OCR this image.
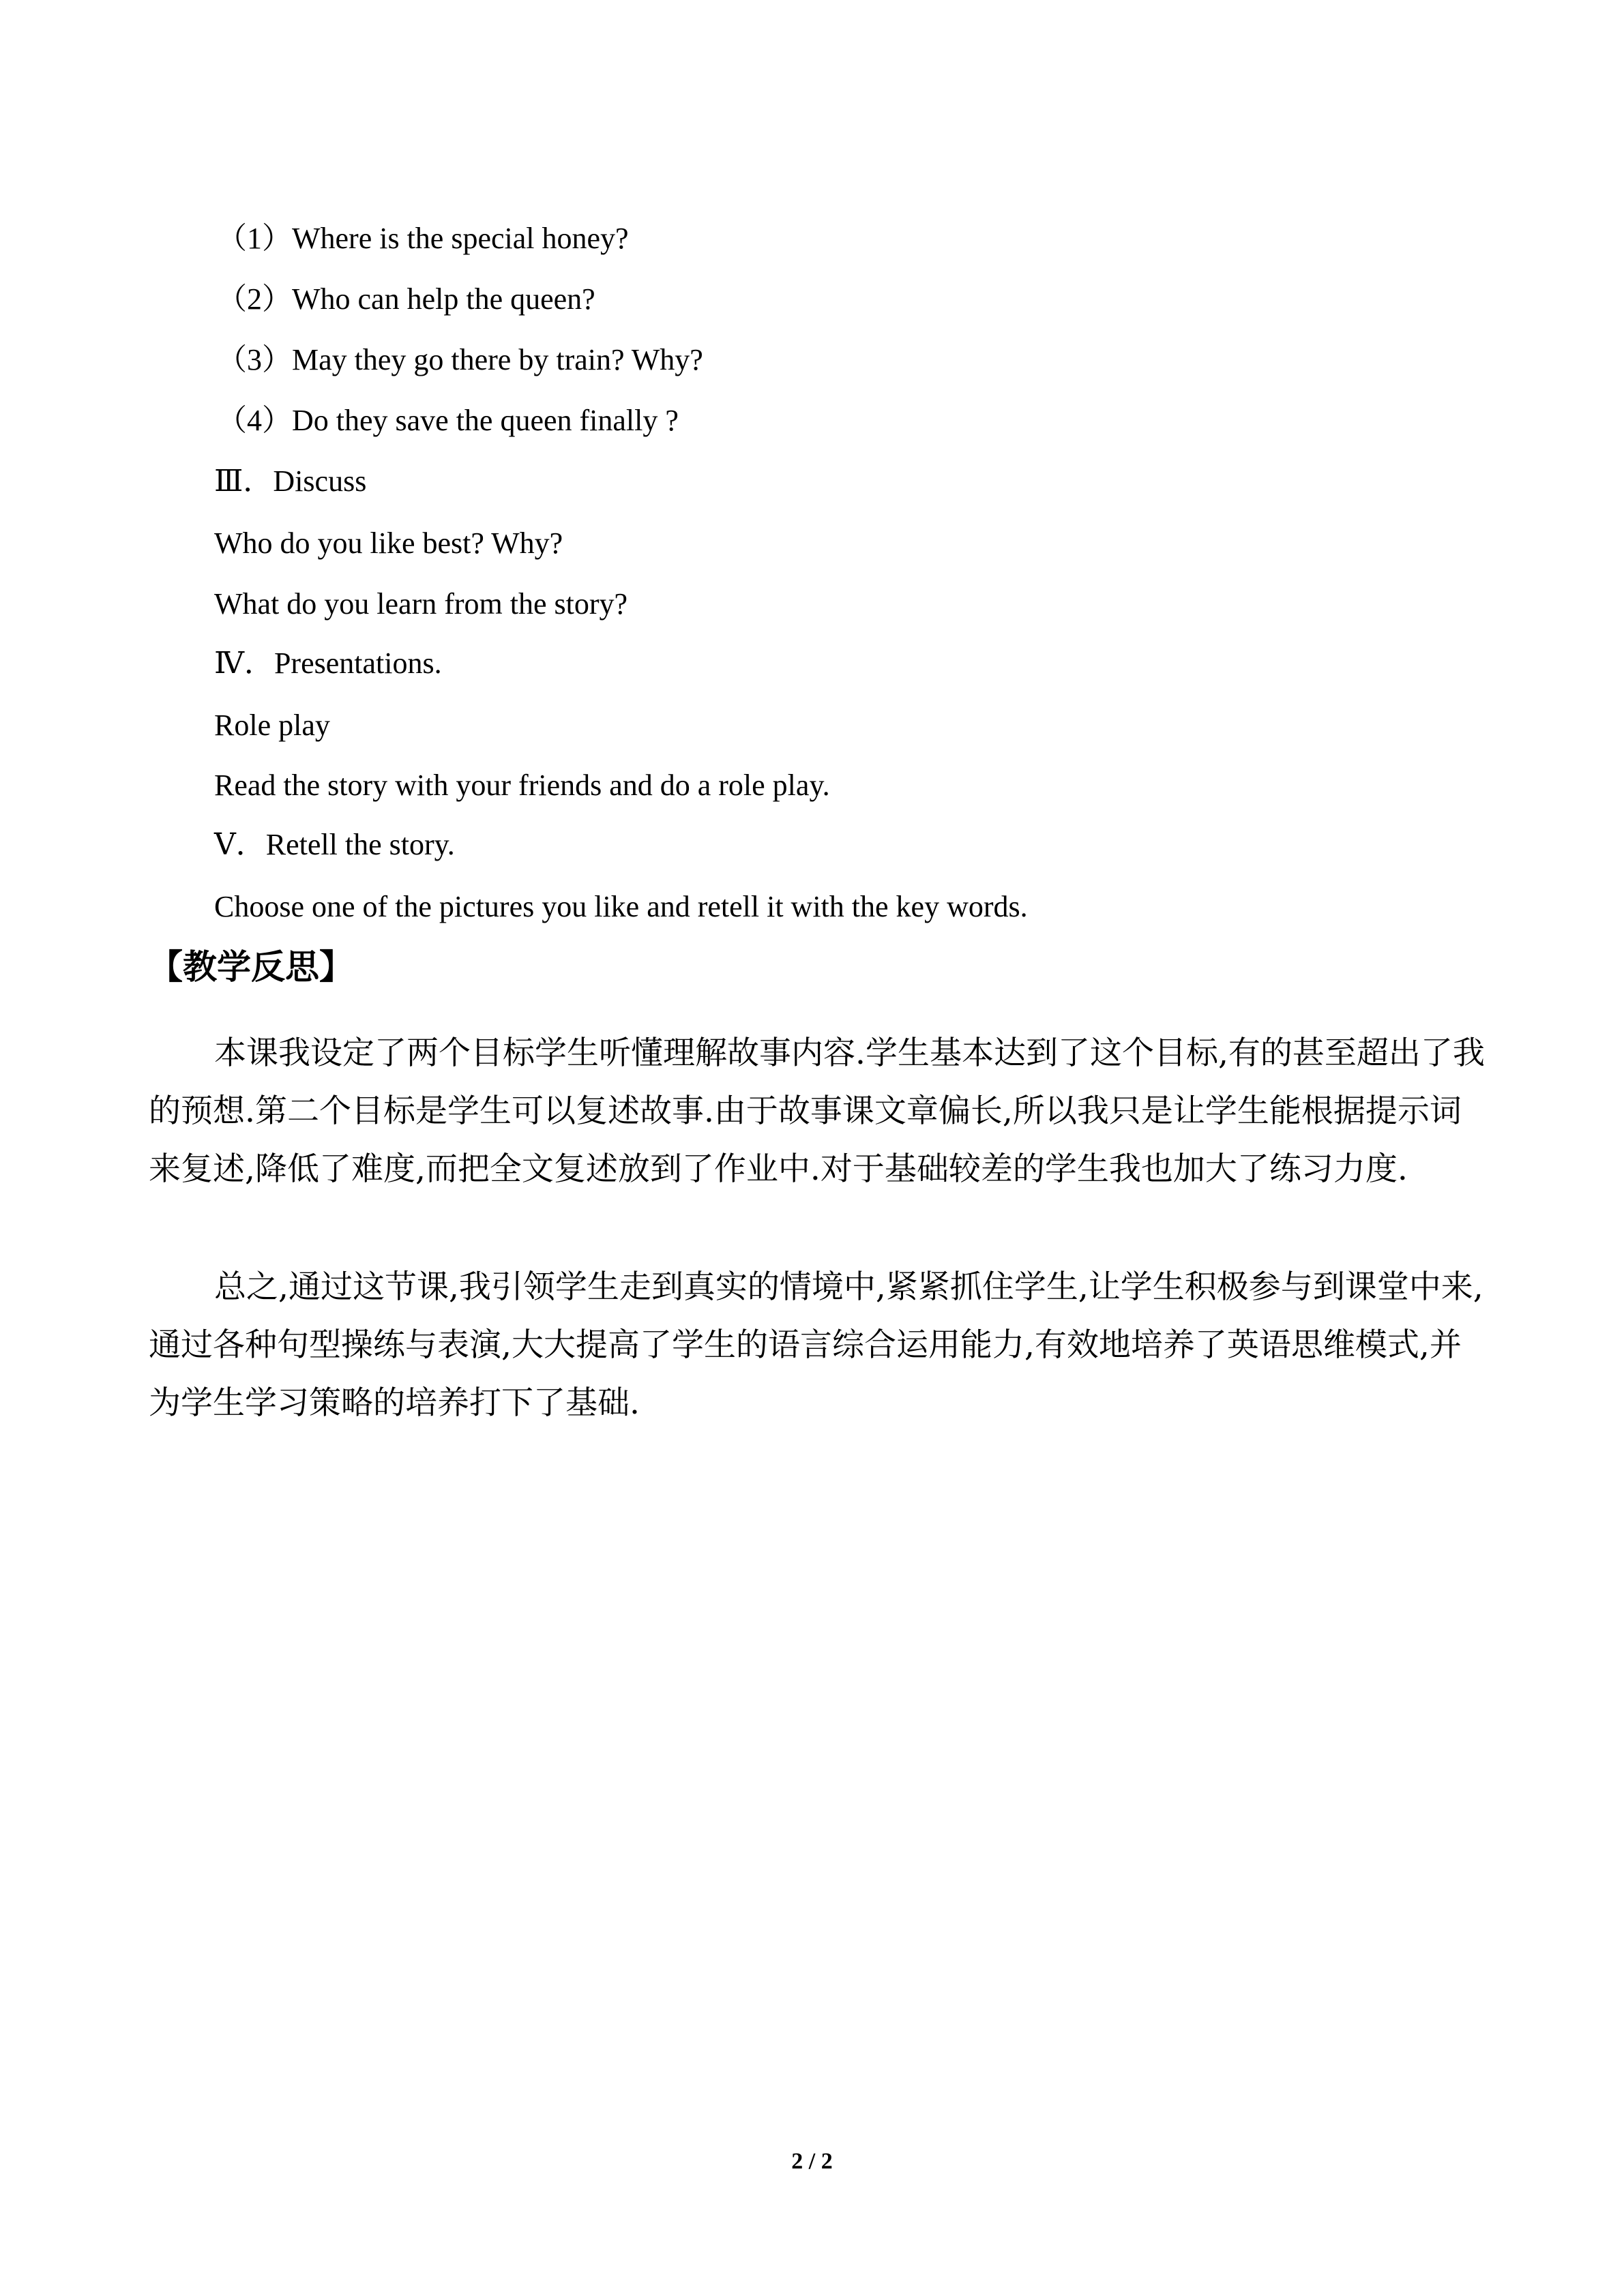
（1）Where is the special honey?
（2）Who can help the queen?
（3）May they go there by train? Why?
（4）Do they save the queen finally ?
Ⅲ．Discuss
Who do you like best? Why?
What do you learn from the story?
Ⅳ．Presentations.
Role play
Read the story with your friends and do a role play.
Ⅴ．Retell the story.
Choose one of the pictures you like and retell it with the key words.
【教学反思】

本课我设定了两个目标学生听懂理解故事内容.学生基本达到了这个目标,有的甚至超出了我的预想.第二个目标是学生可以复述故事.由于故事课文章偏长,所以我只是让学生能根据提示词来复述,降低了难度,而把全文复述放到了作业中.对于基础较差的学生我也加大了练习力度.

总之,通过这节课,我引领学生走到真实的情境中,紧紧抓住学生,让学生积极参与到课堂中来,通过各种句型操练与表演,大大提高了学生的语言综合运用能力,有效地培养了英语思维模式,并为学生学习策略的培养打下了基础.

2 / 2
